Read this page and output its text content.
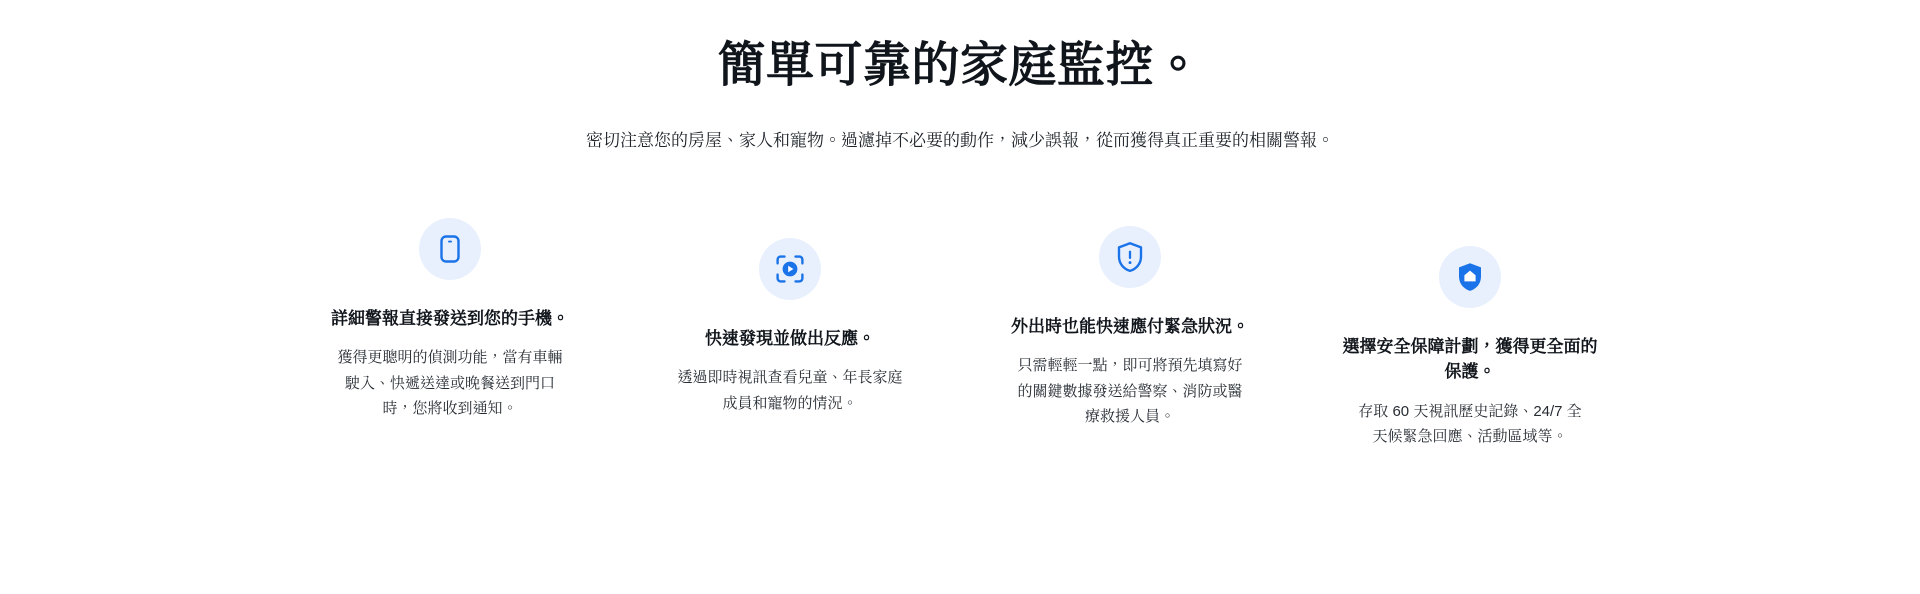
簡單可靠的家庭監控。

密切注意您的房屋、家人和寵物。過濾掉不必要的動作，減少誤報，從而獲得真正重要的相關警報。

詳細警報直接發送到您的手機。

獲得更聰明的偵測功能，當有車輛駛入、快遞送達或晚餐送到門口時，您將收到通知。

快速發現並做出反應。

透過即時視訊查看兒童、年長家庭成員和寵物的情況。

外出時也能快速應付緊急狀況。

只需輕輕一點，即可將預先填寫好的關鍵數據發送給警察、消防或醫療救援人員。

選擇安全保障計劃，獲得更全面的保護。

存取 60 天視訊歷史記錄、24/7 全天候緊急回應、活動區域等。
